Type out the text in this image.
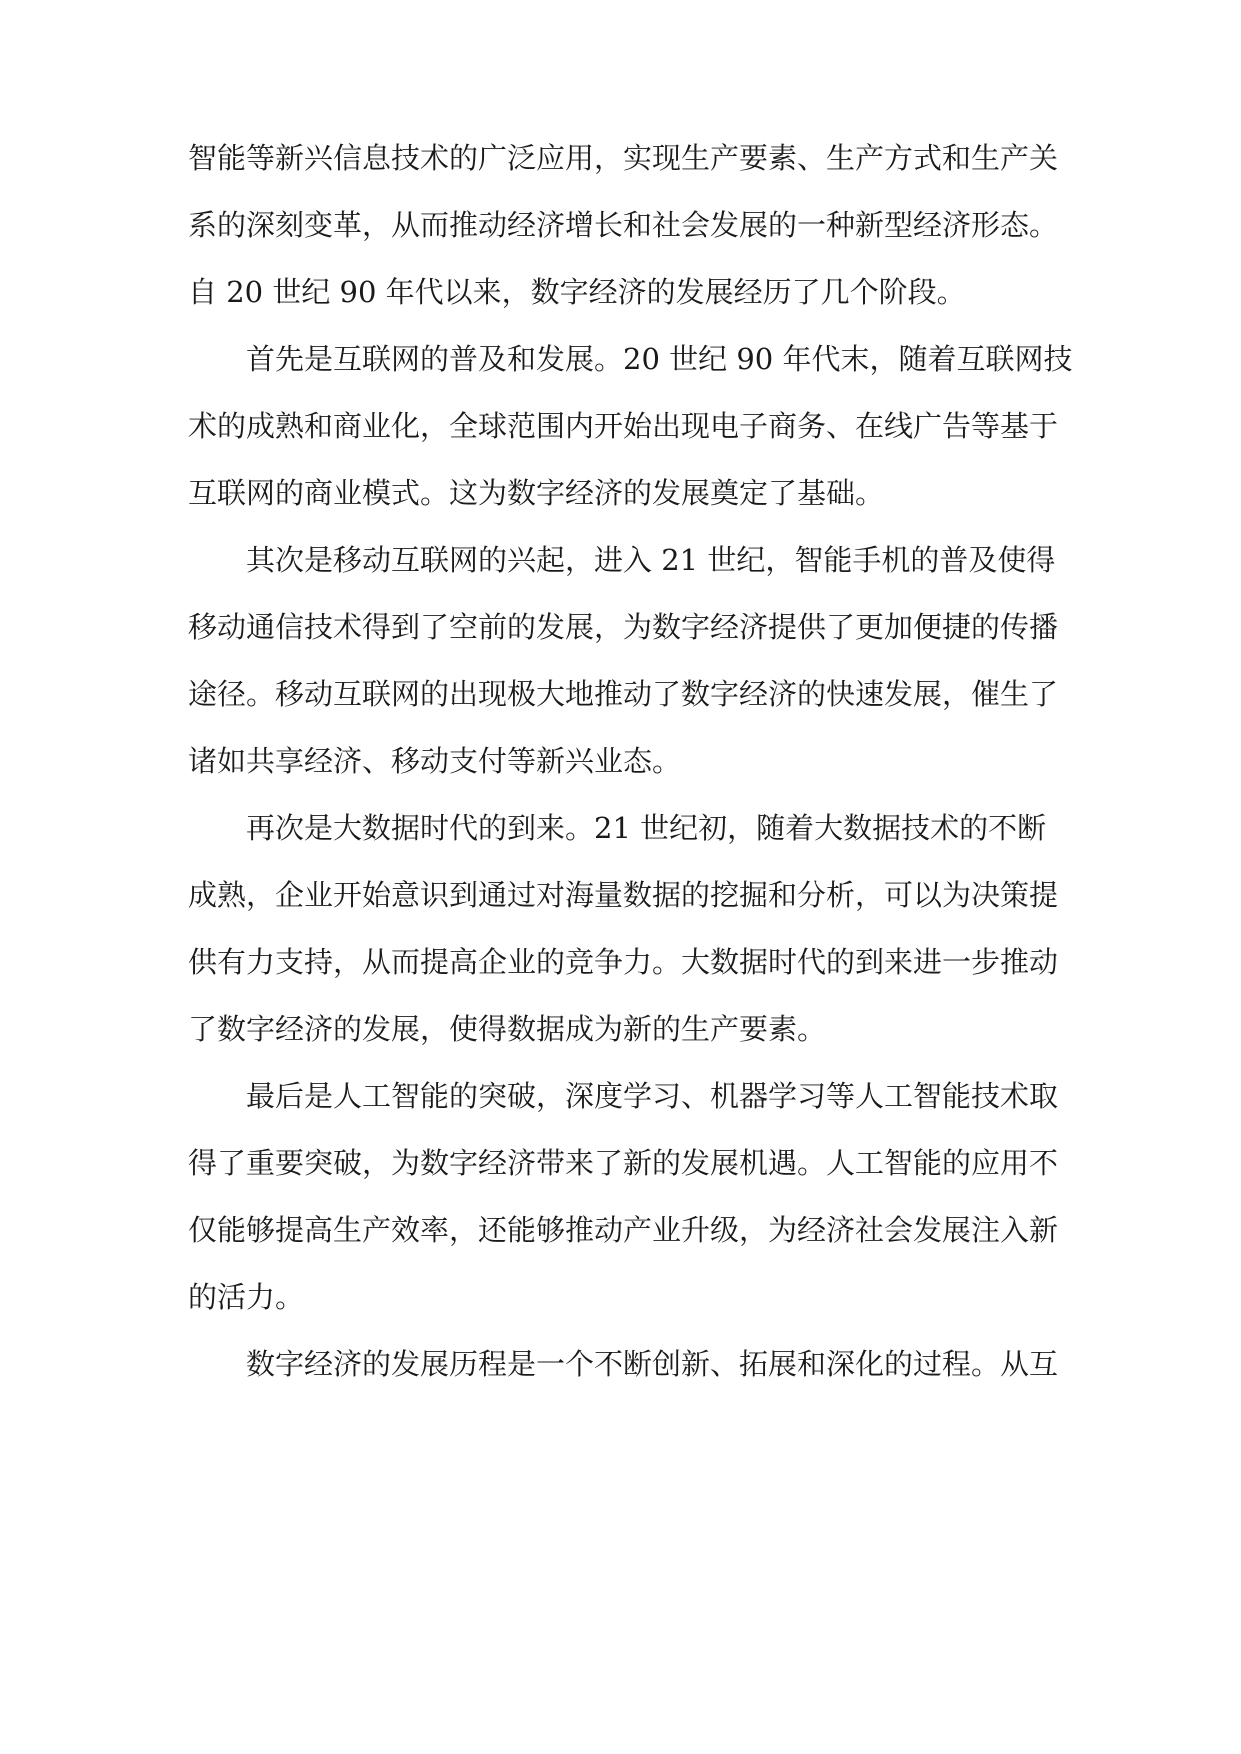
智能等新兴信息技术的广泛应用，实现生产要素、生产方式和生产关
系的深刻变革，从而推动经济增长和社会发展的一种新型经济形态。
自 20 世纪 90 年代以来，数字经济的发展经历了几个阶段。
首先是互联网的普及和发展。20 世纪 90 年代末，随着互联网技
术的成熟和商业化，全球范围内开始出现电子商务、在线广告等基于
互联网的商业模式。这为数字经济的发展奠定了基础。
其次是移动互联网的兴起，进入 21 世纪，智能手机的普及使得
移动通信技术得到了空前的发展，为数字经济提供了更加便捷的传播
途径。移动互联网的出现极大地推动了数字经济的快速发展，催生了
诸如共享经济、移动支付等新兴业态。
再次是大数据时代的到来。21 世纪初，随着大数据技术的不断
成熟，企业开始意识到通过对海量数据的挖掘和分析，可以为决策提
供有力支持，从而提高企业的竞争力。大数据时代的到来进一步推动
了数字经济的发展，使得数据成为新的生产要素。
最后是人工智能的突破，深度学习、机器学习等人工智能技术取
得了重要突破，为数字经济带来了新的发展机遇。人工智能的应用不
仅能够提高生产效率，还能够推动产业升级，为经济社会发展注入新
的活力。
数字经济的发展历程是一个不断创新、拓展和深化的过程。从互
